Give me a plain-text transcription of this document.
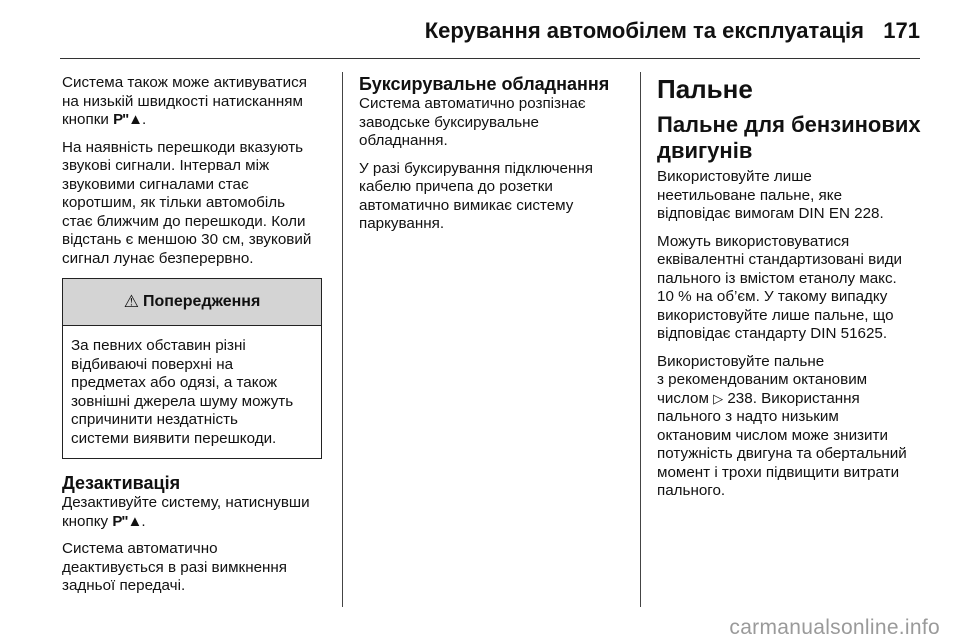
Керування автомобілем та експлуатація 171

Система також може активуватися
на низькій швидкості натисканням
кнопки P"▲.

На наявність перешкоди вказують
звукові сигнали. Інтервал між
звуковими сигналами стає
коротшим, як тільки автомобіль
стає ближчим до перешкоди. Коли
відстань є меншою 30 см, звуковий
сигнал лунає безперервно.

⚠ Попередження

За певних обставин різні
відбиваючі поверхні на
предметах або одязі, а також
зовнішні джерела шуму можуть
спричинити нездатність
системи виявити перешкоди.

Дезактивація

Дезактивуйте систему, натиснувши
кнопку P"▲.

Система автоматично
деактивується в разі вимкнення
задньої передачі.

Буксирувальне обладнання

Система автоматично розпізнає
заводське буксирувальне
обладнання.

У разі буксирування підключення
кабелю причепа до розетки
автоматично вимикає систему
паркування.

Пальне
Пальне для бензинових
двигунів

Використовуйте лише
неетильоване пальне, яке
відповідає вимогам DIN EN 228.

Можуть використовуватися
еквівалентні стандартизовані види
пального із вмістом етанолу макс.
10 % на об’єм. У такому випадку
використовуйте лише пальне, що
відповідає стандарту DIN 51625.

Використовуйте пальне
з рекомендованим октановим
числом ▷ 238. Використання
пального з надто низьким
октановим числом може знизити
потужність двигуна та обертальний
момент і трохи підвищити витрати
пального.

carmanualsonline.info
